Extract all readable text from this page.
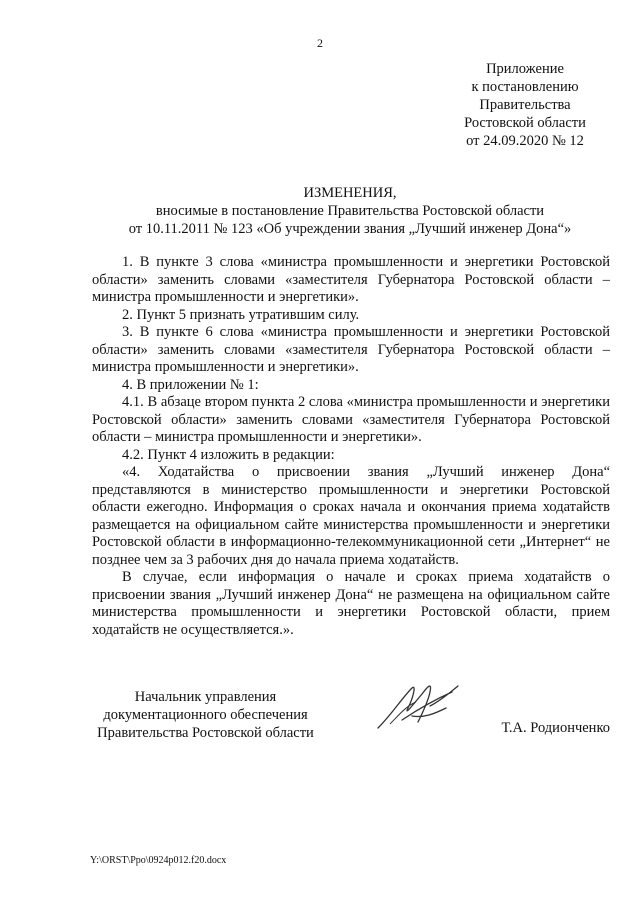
2
Приложение
к постановлению
Правительства
Ростовской области
от 24.09.2020 № 12
ИЗМЕНЕНИЯ,
вносимые в постановление Правительства Ростовской области
от 10.11.2011 № 123 «Об учреждении звания „Лучший инженер Дона“»

1. В пункте 3 слова «министра промышленности и энергетики Ростовской области» заменить словами «заместителя Губернатора Ростовской области – министра промышленности и энергетики».

2. Пункт 5 признать утратившим силу.

3. В пункте 6 слова «министра промышленности и энергетики Ростовской области» заменить словами «заместителя Губернатора Ростовской области – министра промышленности и энергетики».

4. В приложении № 1:

4.1. В абзаце втором пункта 2 слова «министра промышленности и энергетики Ростовской области» заменить словами «заместителя Губернатора Ростовской области – министра промышленности и энергетики».

4.2. Пункт 4 изложить в редакции:

«4. Ходатайства о присвоении звания „Лучший инженер Дона“ представляются в министерство промышленности и энергетики Ростовской области ежегодно. Информация о сроках начала и окончания приема ходатайств размещается на официальном сайте министерства промышленности и энергетики Ростовской области в информационно-телекоммуникационной сети „Интернет“ не позднее чем за 3 рабочих дня до начала приема ходатайств.

В случае, если информация о начале и сроках приема ходатайств о присвоении звания „Лучший инженер Дона“ не размещена на официальном сайте министерства промышленности и энергетики Ростовской области, прием ходатайств не осуществляется.».

Начальник управления
документационного обеспечения
Правительства Ростовской области	Т.А. Родионченко
Y:\ORST\Ppo\0924p012.f20.docx
